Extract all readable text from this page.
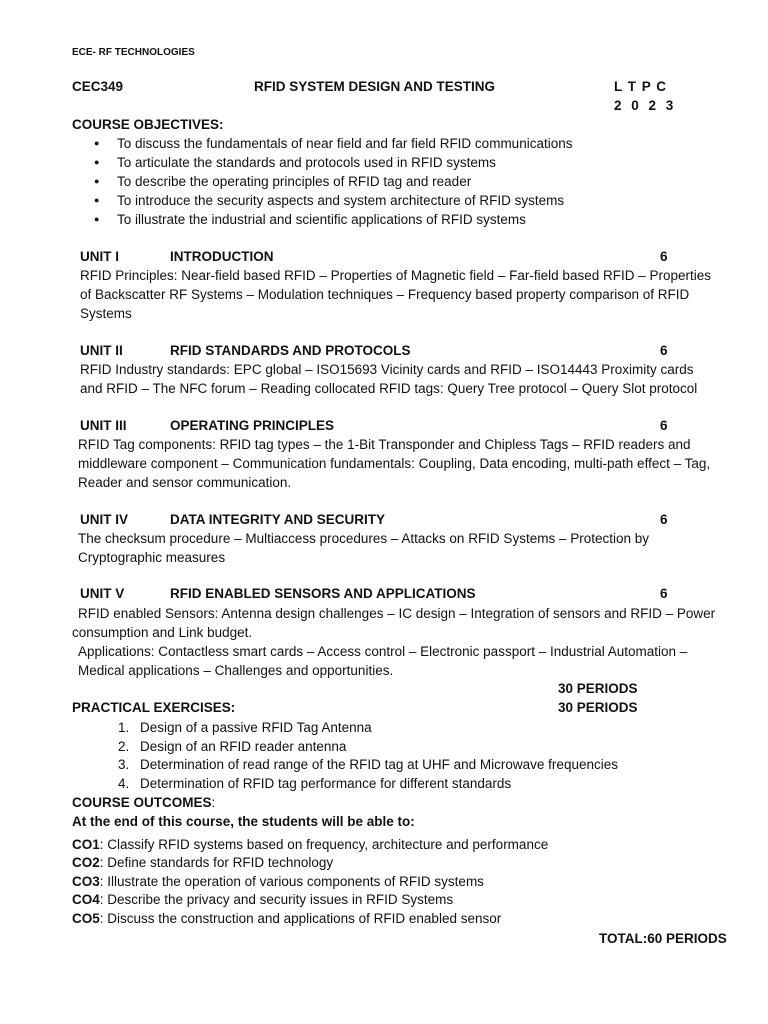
ECE- RF TECHNOLOGIES
CEC349	RFID SYSTEM DESIGN AND TESTING	L T P C
2 0 2 3
COURSE OBJECTIVES:
● To discuss the fundamentals of near field and far field RFID communications
● To articulate the standards and protocols used in RFID systems
● To describe the operating principles of RFID tag and reader
● To introduce the security aspects and system architecture of RFID systems
● To illustrate the industrial and scientific applications of RFID systems
UNIT I	INTRODUCTION	6
RFID Principles: Near-field based RFID – Properties of Magnetic field – Far-field based RFID – Properties
of Backscatter RF Systems – Modulation techniques – Frequency based property comparison of RFID
Systems
UNIT II	RFID STANDARDS AND PROTOCOLS	6
RFID Industry standards: EPC global – ISO15693 Vicinity cards and RFID – ISO14443 Proximity cards
and RFID – The NFC forum – Reading collocated RFID tags: Query Tree protocol – Query Slot protocol
UNIT III	OPERATING PRINCIPLES	6
RFID Tag components: RFID tag types – the 1-Bit Transponder and Chipless Tags – RFID readers and
middleware component – Communication fundamentals: Coupling, Data encoding, multi-path effect – Tag,
Reader and sensor communication.
UNIT IV	DATA INTEGRITY AND SECURITY	6
The checksum procedure – Multiaccess procedures – Attacks on RFID Systems – Protection by
Cryptographic measures
UNIT V	RFID ENABLED SENSORS AND APPLICATIONS	6
RFID enabled Sensors: Antenna design challenges – IC design – Integration of sensors and RFID – Power
consumption and Link budget.
Applications: Contactless smart cards – Access control – Electronic passport – Industrial Automation –
Medical applications – Challenges and opportunities.
30 PERIODS
PRACTICAL EXERCISES:	30 PERIODS
1. Design of a passive RFID Tag Antenna
2. Design of an RFID reader antenna
3. Determination of read range of the RFID tag at UHF and Microwave frequencies
4. Determination of RFID tag performance for different standards
COURSE OUTCOMES:
At the end of this course, the students will be able to:
CO1: Classify RFID systems based on frequency, architecture and performance
CO2: Define standards for RFID technology
CO3: Illustrate the operation of various components of RFID systems
CO4: Describe the privacy and security issues in RFID Systems
CO5: Discuss the construction and applications of RFID enabled sensor
TOTAL:60 PERIODS
